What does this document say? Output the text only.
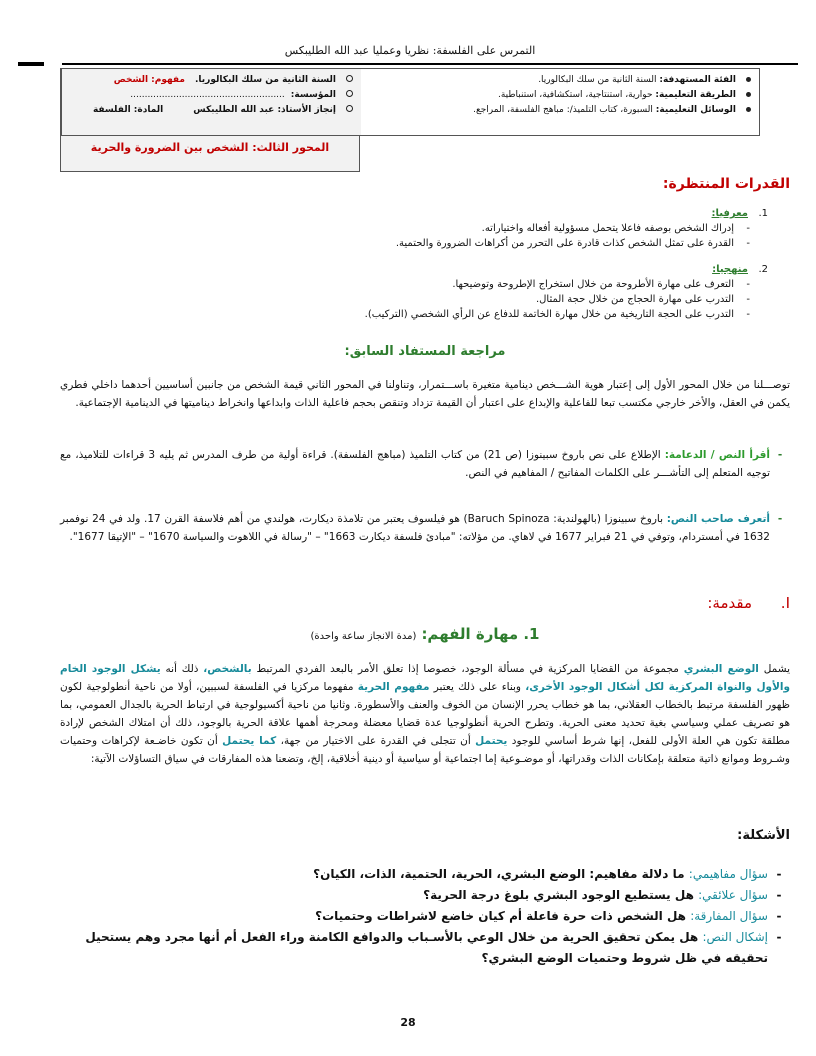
التمرس على الفلسفة: نظريا وعمليا عبد الله الطليبكس
الفئة المستهدفة:

السنة الثانية من سلك البكالوريا.
الطريقة التعليمية:

حوارية، استنتاجية، استكشافية، استنباطية.
الوسائل التعليمية:

السبورة، كتاب التلميذ/: مباهج الفلسفة، المراجع.
السنة الثانية من سلك البكالوريا.
مفهوم:
الشخص
المؤسسة:
......................................................
إنجاز الأستاذ: عبد الله الطليبكس
المادة: الفلسفة
المحور الثالث: الشخص بين الضرورة والحرية
القدرات المنتظرة:
1.
معرفيا:
-
إدراك الشخص بوصفه فاعلا يتحمل مسؤولية أفعاله واختياراته.
-
القدرة على تمثل الشخص كذات قادرة على التحرر من أكراهات الضرورة والحتمية.
2.
منهجيا:
-
التعرف على مهارة الأطروحة من خلال استخراج الإطروحة وتوضيحها.
-
التدرب على مهارة الحجاج من خلال حجة المثال.
-
التدرب على الحجة التاريخية من خلال مهارة الخاتمة للدفاع عن الرأي الشخصي (التركيب).
مراجعة المستفاد السابق:
توصـــلنا من خلال المحور الأول إلى إعتبار هوية الشـــخص دينامية متغيرة باســـتمرار، وتناولنا في المحور الثاني قيمة الشخص من جانبين أساسيين أحدهما داخلي فطري يكمن في العقل، والأخر خارجي مكتسب تبعا للفاعلية والإبداع على اعتبار أن القيمة تزداد وتنقص بحجم فاعلية الذات وابداعها وانخراط ديناميتها في الدينامية الإجتماعية.
-
أقرأ النص / الدعامة: الإطلاع على نص باروخ سبينوزا (ص 21) من كتاب التلميذ (مباهج الفلسفة). قراءة أولية من طرف المدرس ثم يليه 3 قراءات للتلاميذ، مع توجيه المتعلم إلى التأشـــر على الكلمات المفاتيح / المفاهيم في النص.
-
أتعرف صاحب النص: باروخ سبينوزا (بالهولندية: Baruch Spinoza) هو فيلسوف يعتبر من تلامذة ديكارت، هولندي من أهم فلاسفة القرن 17. ولد في 24 نوفمبر 1632 في أمستردام، وتوفي في 21 فبراير 1677 في لاهاي. من مؤلاته: "مبادئ فلسفة ديكارت 1663" – "رسالة في اللاهوت والسياسة 1670" – "الإتيقا 1677".
I. مقدمة:
1. مهارة الفهم: (مدة الانجاز ساعة واحدة)
يشمل الوضع البشري مجموعة من القضايا المركزية في مسألة الوجود، خصوصا إذا تعلق الأمر بالبعد الفردي المرتبط بالشخص، ذلك أنه يشكل الوجود الخام والأول والنواة المركزية لكل أشكال الوجود الأخرى، وبناء على ذلك يعتبر مفهوم الحرية مفهوما مركزيا في الفلسفة لسببين، أولا من ناحية أنطولوجية لكون ظهور الفلسفة مرتبط بالخطاب العقلاني، بما هو خطاب يحرر الإنسان من الخوف والعنف والأسطورة. وثانيا من ناحية أكسيولوجية في ارتباط الحرية بالجدال العمومي، بما هو تصريف عملي وسياسي بغية تحديد معنى الحرية. وتطرح الحرية أنطولوجيا عدة قضايا معضلة ومحرجة أهمها علاقة الحرية بالوجود، ذلك أن امتلاك الشخص لإرادة مطلقة تكون هي العلة الأولى للفعل، إنها شرط أساسي للوجود يحتمل أن تتجلى في القدرة على الاختيار من جهة، كما يحتمل أن تكون خاضـعة لإكراهات وحتميات وشـروط وموانع ذاتية متعلقة بإمكانات الذات وقدراتها، أو موضـوعية إما اجتماعية أو سياسية أو دينية أخلاقية، إلخ، وتضعنا هذه المفارقات في سياق التساؤلات الآتية:
الأشكلة:
-
سؤال مفاهيمي: ما دلالة مفاهيم: الوضع البشري، الحرية، الحتمية، الذات، الكيان؟
-
سؤال علائقي: هل يستطيع الوجود البشري بلوغ درجة الحرية؟
-
سؤال المفارقة: هل الشخص ذات حرة فاعلة أم كيان خاضع لاشراطات وحتميات؟
-
إشكال النص: هل يمكن تحقيق الحرية من خلال الوعي بالأسـباب والدوافع الكامنة وراء الفعل أم أنها مجرد وهم يستحيل تحقيقه في ظل شروط وحتميات الوضع البشري؟
28
